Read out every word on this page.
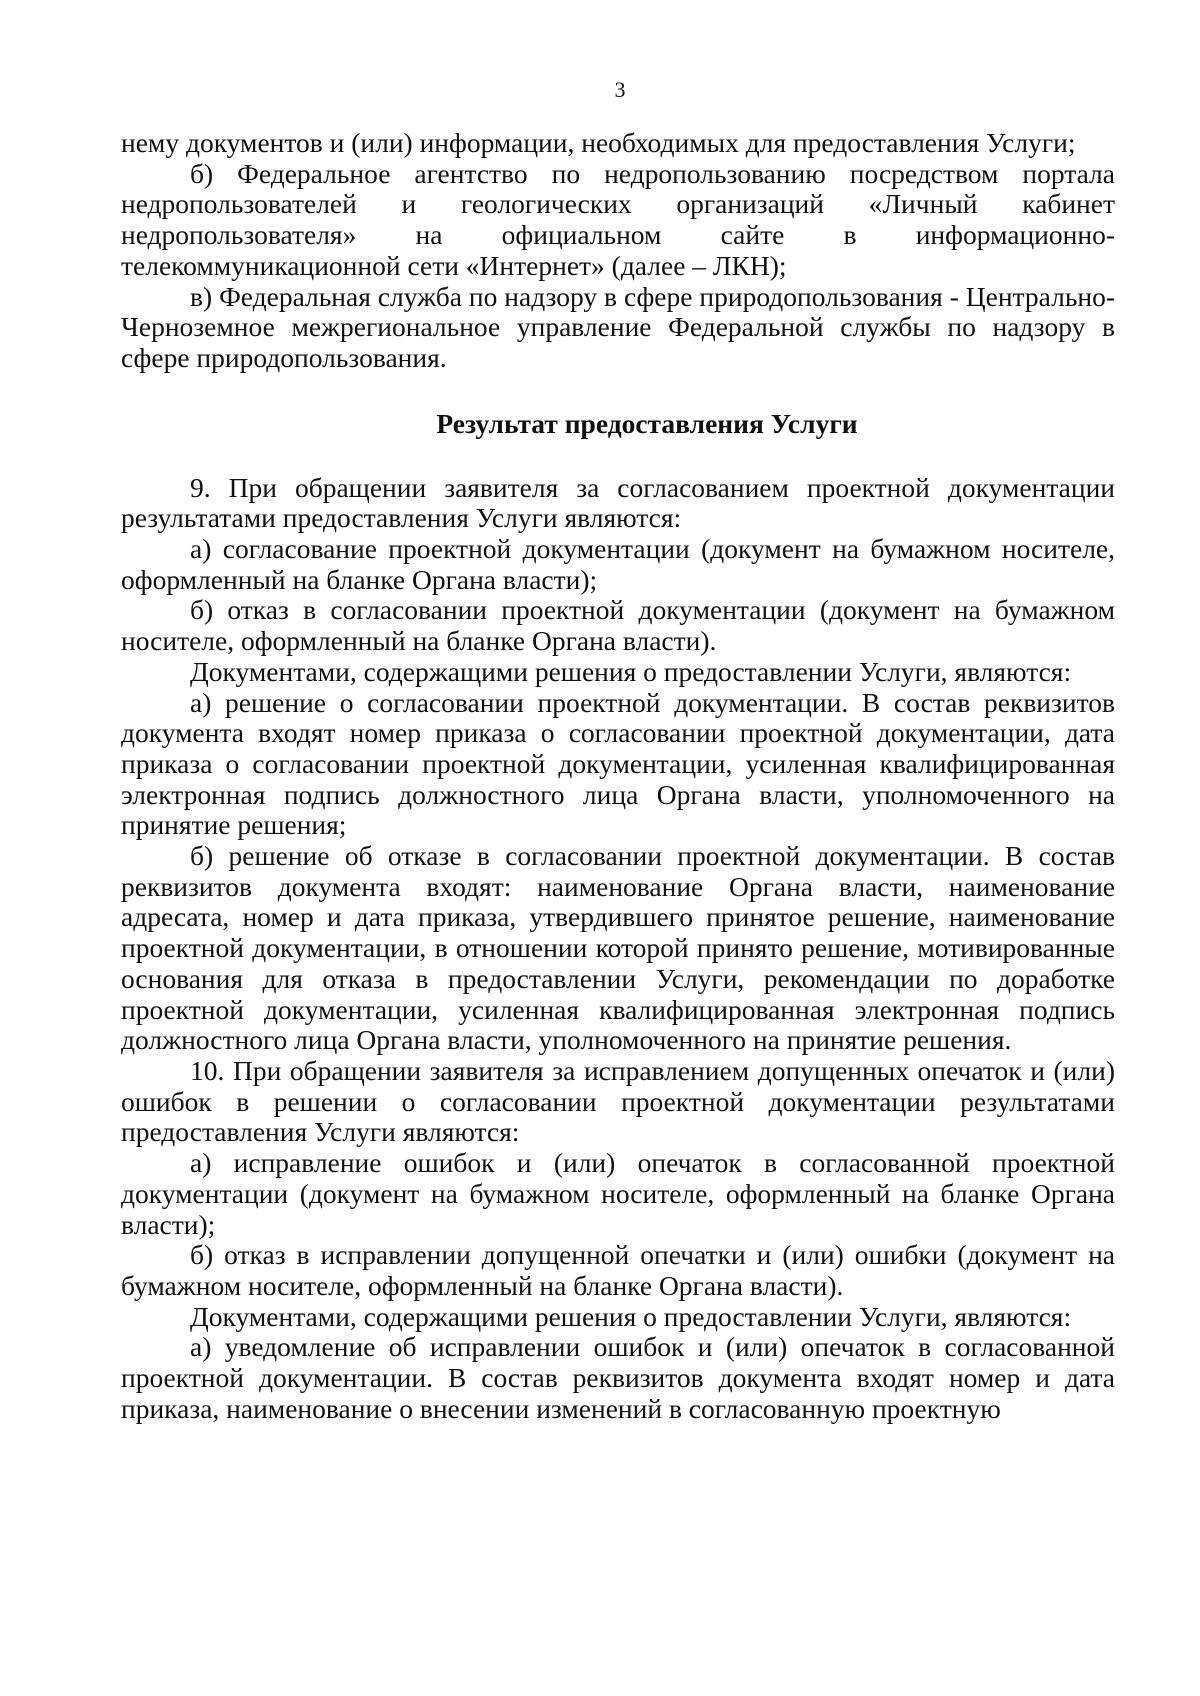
3

нему документов и (или) информации, необходимых для предоставления Услуги;

б) Федеральное агентство по недропользованию посредством портала недропользователей и геологических организаций «Личный кабинет недропользователя» на официальном сайте в информационно-телекоммуникационной сети «Интернет» (далее – ЛКН);

в) Федеральная служба по надзору в сфере природопользования - Центрально-Черноземное межрегиональное управление Федеральной службы по надзору в сфере природопользования.

Результат предоставления Услуги

9. При обращении заявителя за согласованием проектной документации результатами предоставления Услуги являются:

а) согласование проектной документации (документ на бумажном носителе, оформленный на бланке Органа власти);

б) отказ в согласовании проектной документации (документ на бумажном носителе, оформленный на бланке Органа власти).

Документами, содержащими решения о предоставлении Услуги, являются:

а) решение о согласовании проектной документации. В состав реквизитов документа входят номер приказа о согласовании проектной документации, дата приказа о согласовании проектной документации, усиленная квалифицированная электронная подпись должностного лица Органа власти, уполномоченного на принятие решения;

б) решение об отказе в согласовании проектной документации. В состав реквизитов документа входят: наименование Органа власти, наименование адресата, номер и дата приказа, утвердившего принятое решение, наименование проектной документации, в отношении которой принято решение, мотивированные основания для отказа в предоставлении Услуги, рекомендации по доработке проектной документации, усиленная квалифицированная электронная подпись должностного лица Органа власти, уполномоченного на принятие решения.

10. При обращении заявителя за исправлением допущенных опечаток и (или) ошибок в решении о согласовании проектной документации результатами предоставления Услуги являются:

а) исправление ошибок и (или) опечаток в согласованной проектной документации (документ на бумажном носителе, оформленный на бланке Органа власти);

б) отказ в исправлении допущенной опечатки и (или) ошибки (документ на бумажном носителе, оформленный на бланке Органа власти).

Документами, содержащими решения о предоставлении Услуги, являются:

а) уведомление об исправлении ошибок и (или) опечаток в согласованной проектной документации. В состав реквизитов документа входят номер и дата приказа, наименование о внесении изменений в согласованную проектную
